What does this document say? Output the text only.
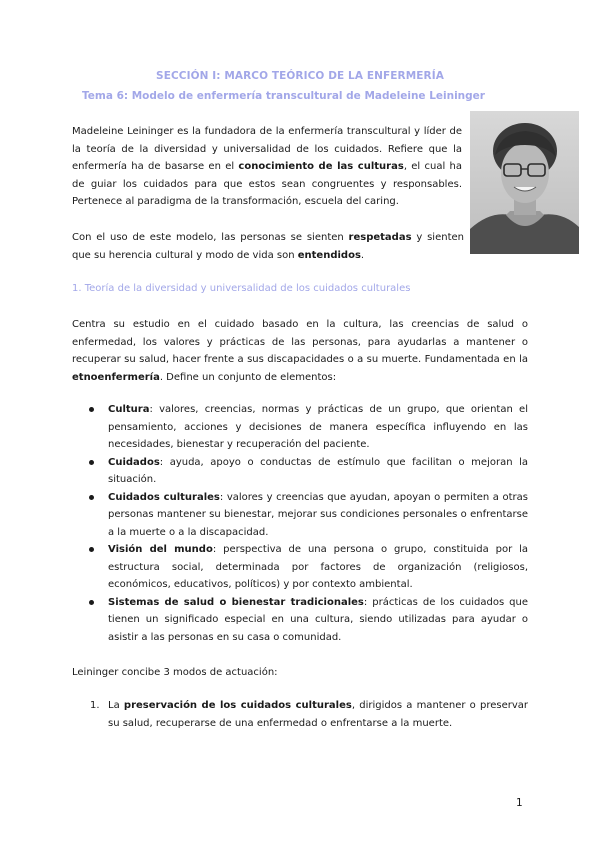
SECCIÓN I: MARCO TEÓRICO DE LA ENFERMERÍA
Tema 6: Modelo de enfermería transcultural de Madeleine Leininger
Madeleine Leininger es la fundadora de la enfermería transcultural y líder de la teoría de la diversidad y universalidad de los cuidados. Refiere que la enfermería ha de basarse en el conocimiento de las culturas, el cual ha de guiar los cuidados para que estos sean congruentes y responsables. Pertenece al paradigma de la transformación, escuela del caring.
Con el uso de este modelo, las personas se sienten respetadas y sienten que su herencia cultural y modo de vida son entendidos.
1. Teoría de la diversidad y universalidad de los cuidados culturales
Centra su estudio en el cuidado basado en la cultura, las creencias de salud o enfermedad, los valores y prácticas de las personas, para ayudarlas a mantener o recuperar su salud, hacer frente a sus discapacidades o a su muerte. Fundamentada en la etnoenfermería. Define un conjunto de elementos:
Cultura: valores, creencias, normas y prácticas de un grupo, que orientan el pensamiento, acciones y decisiones de manera específica influyendo en las necesidades, bienestar y recuperación del paciente.
Cuidados: ayuda, apoyo o conductas de estímulo que facilitan o mejoran la situación.
Cuidados culturales: valores y creencias que ayudan, apoyan o permiten a otras personas mantener su bienestar, mejorar sus condiciones personales o enfrentarse a la muerte o a la discapacidad.
Visión del mundo: perspectiva de una persona o grupo, constituida por la estructura social, determinada por factores de organización (religiosos, económicos, educativos, políticos) y por contexto ambiental.
Sistemas de salud o bienestar tradicionales: prácticas de los cuidados que tienen un significado especial en una cultura, siendo utilizadas para ayudar o asistir a las personas en su casa o comunidad.
Leininger concibe 3 modos de actuación:
1. La preservación de los cuidados culturales, dirigidos a mantener o preservar su salud, recuperarse de una enfermedad o enfrentarse a la muerte.
1
